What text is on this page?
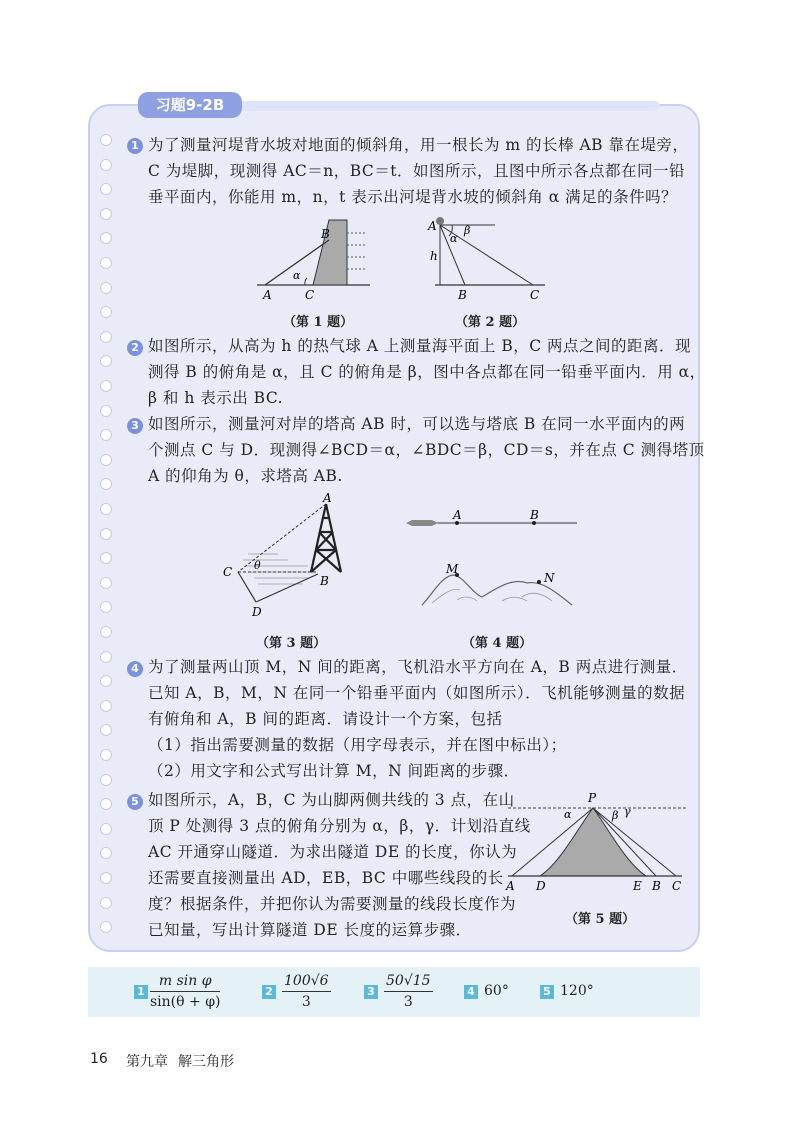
习题9-2B
1 为了测量河堤背水坡对地面的倾斜角，用一根长为 m 的长棒 AB 靠在堤旁，
C 为堤脚，现测得 AC＝n，BC＝t．如图所示，且图中所示各点都在同一铅
垂平面内，你能用 m，n，t 表示出河堤背水坡的倾斜角 α 满足的条件吗？
A
B
C
α
（第 1 题）
A
h
α
β
B	C
（第 2 题）
2 如图所示，从高为 h 的热气球 A 上测量海平面上 B，C 两点之间的距离．现
测得 B 的俯角是 α，且 C 的俯角是 β，图中各点都在同一铅垂平面内．用 α，
β 和 h 表示出 BC.
3 如图所示，测量河对岸的塔高 AB 时，可以选与塔底 B 在同一水平面内的两
个测点 C 与 D．现测得∠BCD＝α，∠BDC＝β，CD＝s，并在点 C 测得塔顶
A 的仰角为 θ，求塔高 AB.
A
B
C
D
θ
（第 3 题）
A	B
M
N
（第 4 题）
4 为了测量两山顶 M，N 间的距离，飞机沿水平方向在 A，B 两点进行测量．
已知 A，B，M，N 在同一个铅垂平面内（如图所示）．飞机能够测量的数据
有俯角和 A，B 间的距离．请设计一个方案，包括
（1）指出需要测量的数据（用字母表示，并在图中标出）；
（2）用文字和公式写出计算 M，N 间距离的步骤．
5 如图所示，A，B，C 为山脚两侧共线的 3 点，在山
顶 P 处测得 3 点的俯角分别为 α，β，γ．计划沿直线
AC 开通穿山隧道．为求出隧道 DE 的长度，你认为
还需要直接测量出 AD，EB，BC 中哪些线段的长
度？根据条件，并把你认为需要测量的线段长度作为
已知量，写出计算隧道 DE 长度的运算步骤．
P
α	β γ
A D	E B C
（第 5 题）
$1 \frac{\text{m sin φ}}{\sin(\theta + \varphi)}$	$2 \frac{100√6}{3}$	$3 \frac{50√15}{3}$	4 60°	5 120°
16 第九章 解三角形
